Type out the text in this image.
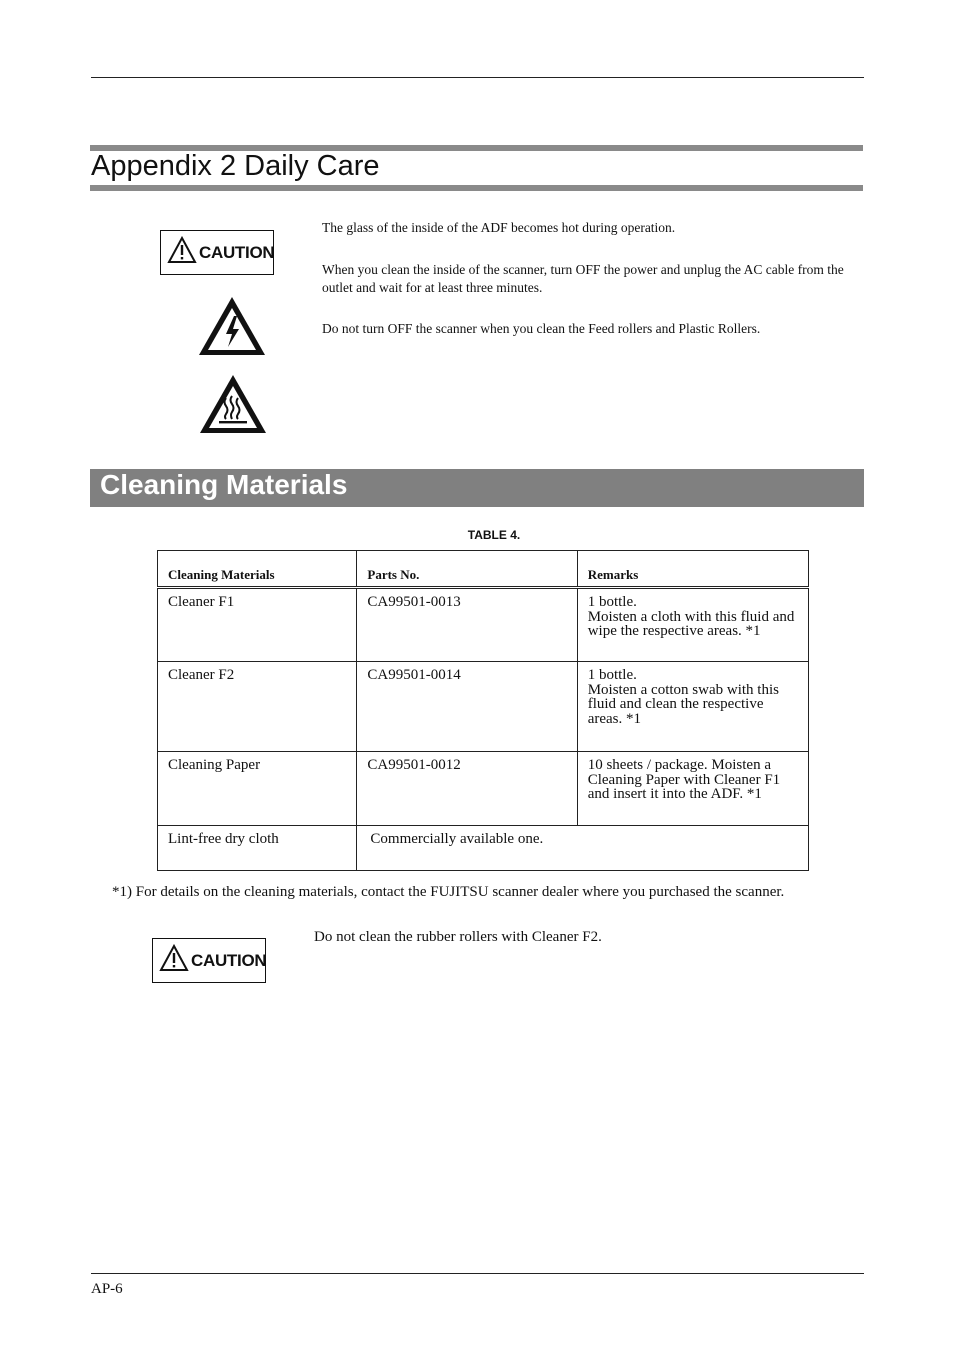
Appendix 2 Daily Care
CAUTION
The glass of the inside of the ADF becomes hot during operation.
When you clean the inside of the scanner, turn OFF the power and unplug the AC cable from the outlet and wait for at least three minutes.
Do not turn OFF the scanner when you clean the Feed rollers and Plastic Rollers.
Cleaning Materials
TABLE 4.
Cleaning Materials	Parts No.	Remarks
Cleaner F1	CA99501-0013	1 bottle.
Moisten a cloth with this fluid and wipe the respective areas. *1

Cleaner F2	CA99501-0014	1 bottle.
Moisten a cotton swab with this fluid and clean the respective areas. *1

Cleaning Paper	CA99501-0012	10 sheets / package. Moisten a Cleaning Paper with Cleaner F1 and insert it into the ADF. *1

Lint-free dry cloth	Commercially available one.	
*1) For details on the cleaning materials, contact the FUJITSU scanner dealer where you purchased the scanner.
CAUTION
Do not clean the rubber rollers with Cleaner F2.
AP-6
